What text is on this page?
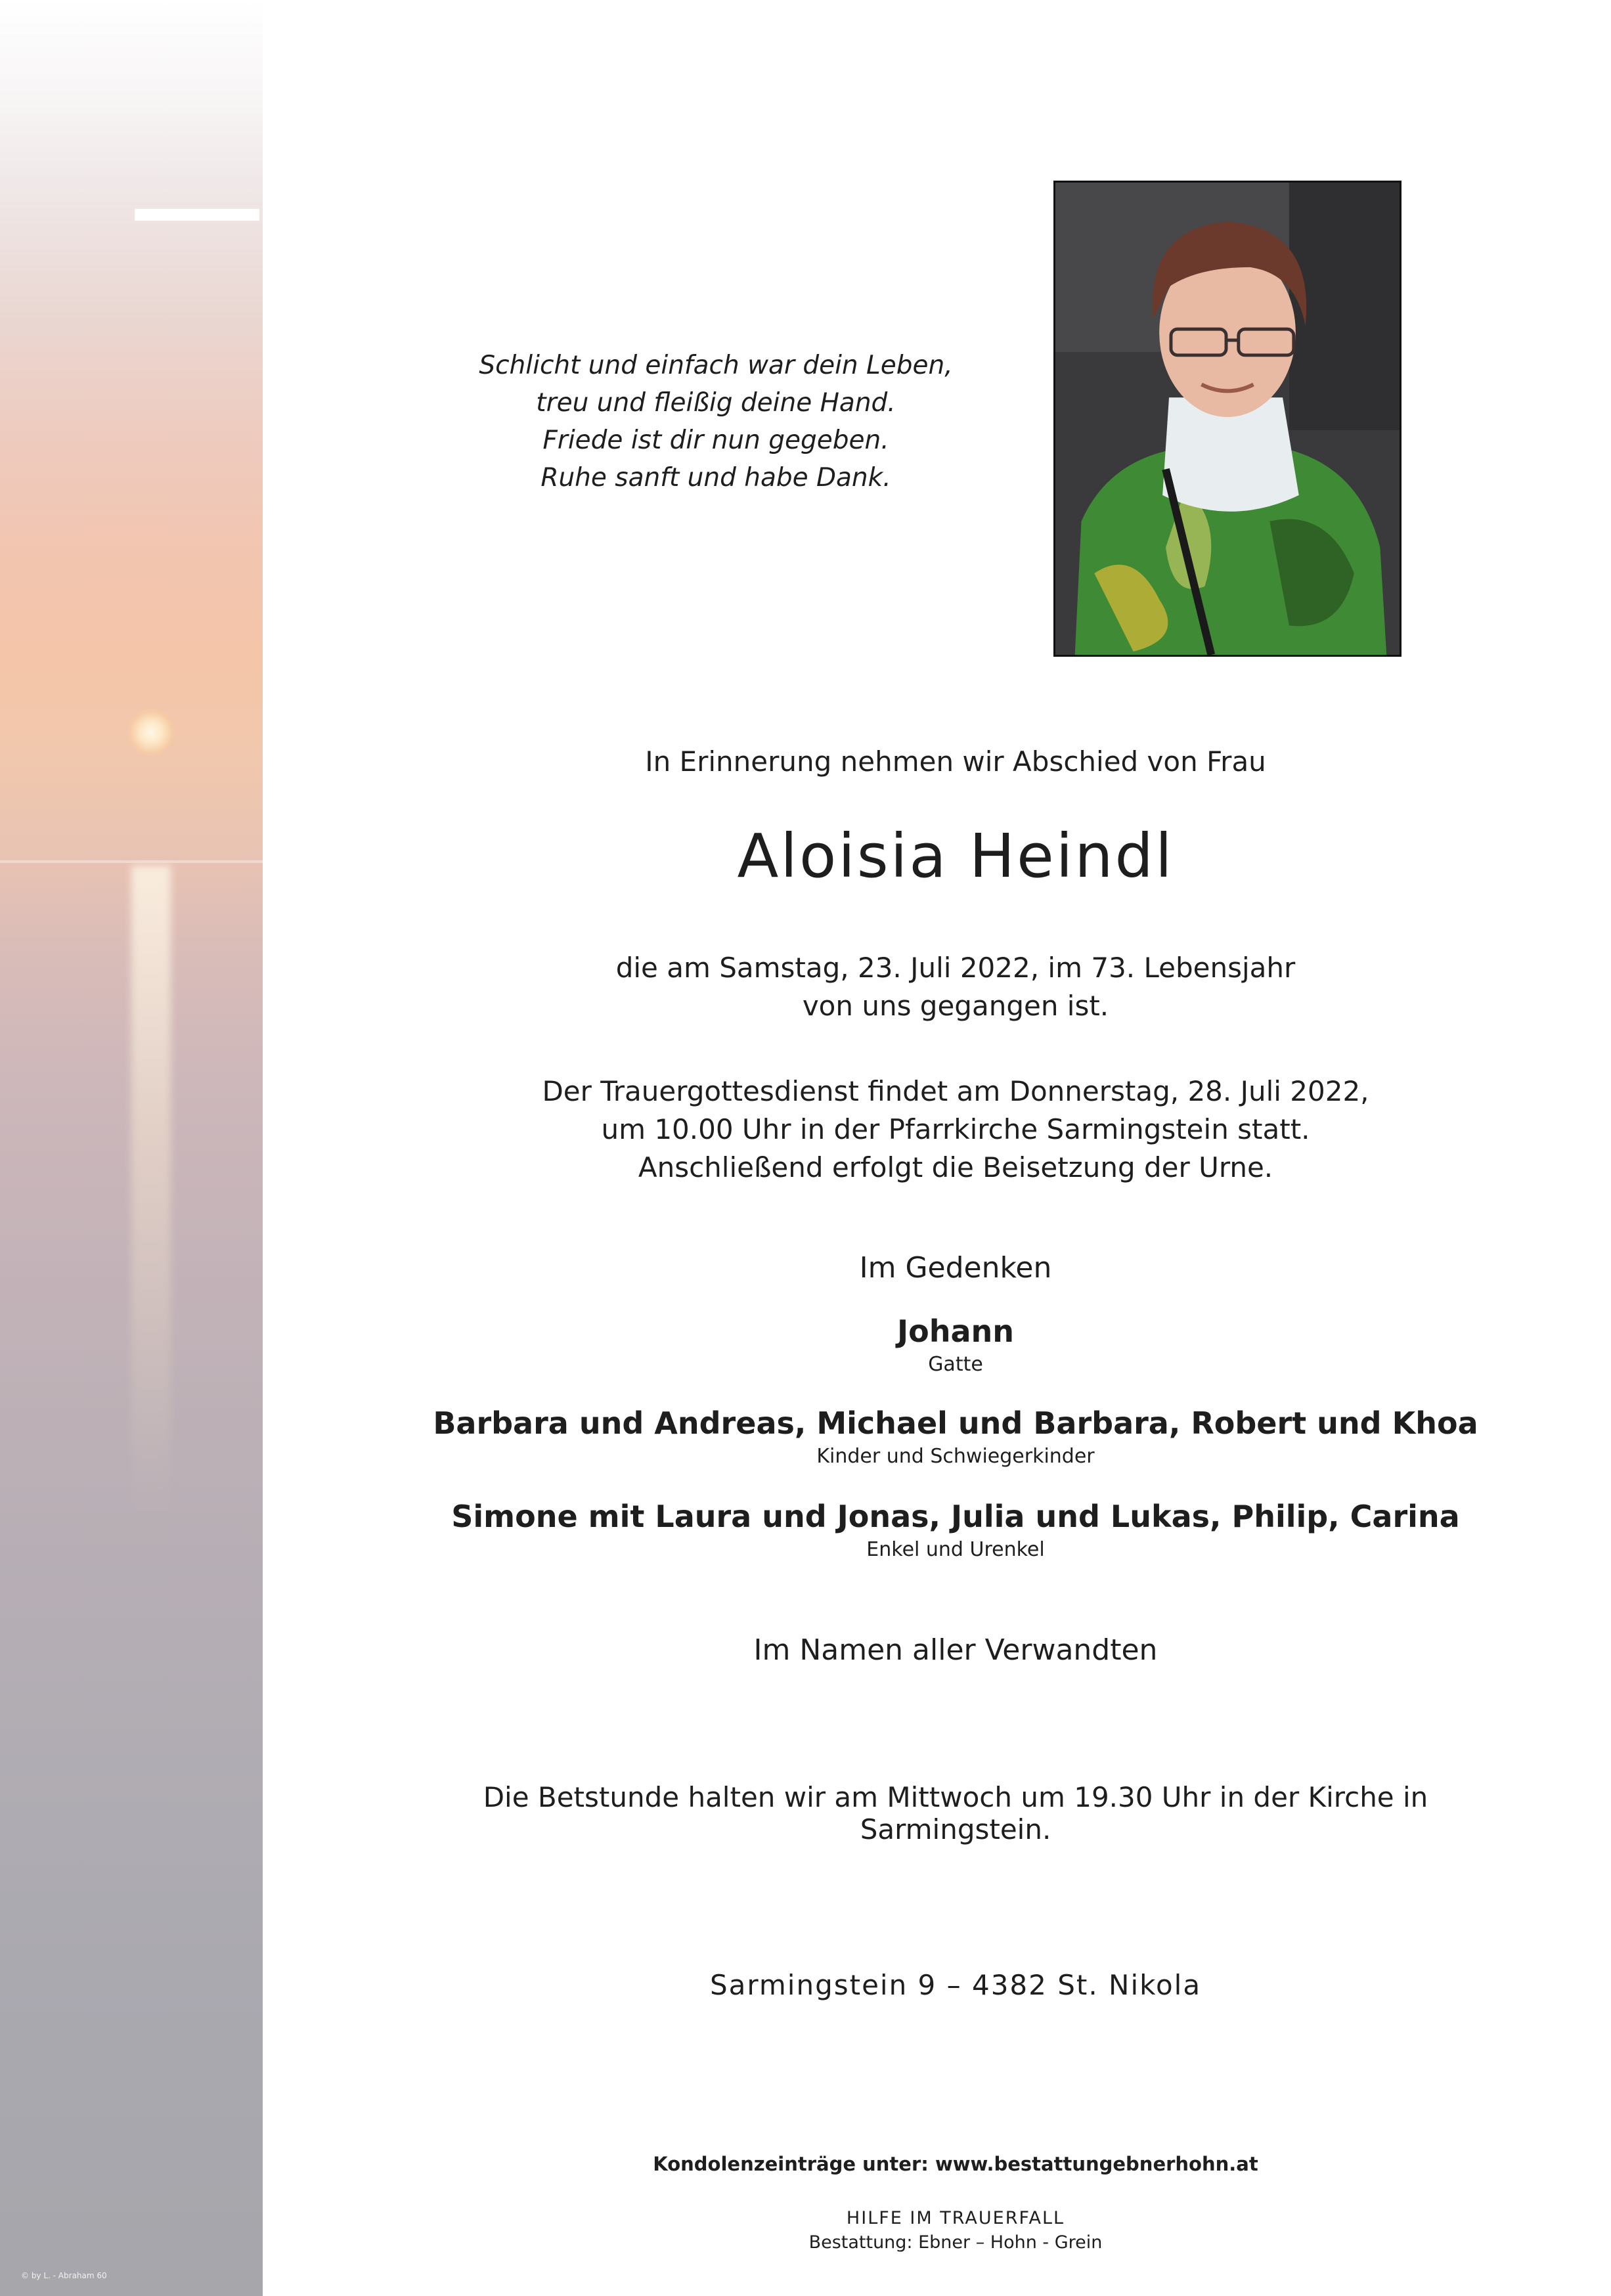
© by L. - Abraham 60
Schlicht und einfach war dein Leben,
treu und fleißig deine Hand.
Friede ist dir nun gegeben.
Ruhe sanft und habe Dank.
In Erinnerung nehmen wir Abschied von Frau
Aloisia Heindl
die am Samstag, 23. Juli 2022, im 73. Lebensjahr
von uns gegangen ist.
Der Trauergottesdienst findet am Donnerstag, 28. Juli 2022,
um 10.00 Uhr in der Pfarrkirche Sarmingstein statt.
Anschließend erfolgt die Beisetzung der Urne.
Im Gedenken
Johann
Gatte
Barbara und Andreas, Michael und Barbara, Robert und Khoa
Kinder und Schwiegerkinder
Simone mit Laura und Jonas, Julia und Lukas, Philip, Carina
Enkel und Urenkel
Im Namen aller Verwandten
Die Betstunde halten wir am Mittwoch um 19.30 Uhr in der Kirche in Sarmingstein.
Sarmingstein 9 – 4382 St. Nikola
Kondolenzeinträge unter: www.bestattungebnerhohn.at
HILFE IM TRAUERFALL
Bestattung: Ebner – Hohn - Grein
